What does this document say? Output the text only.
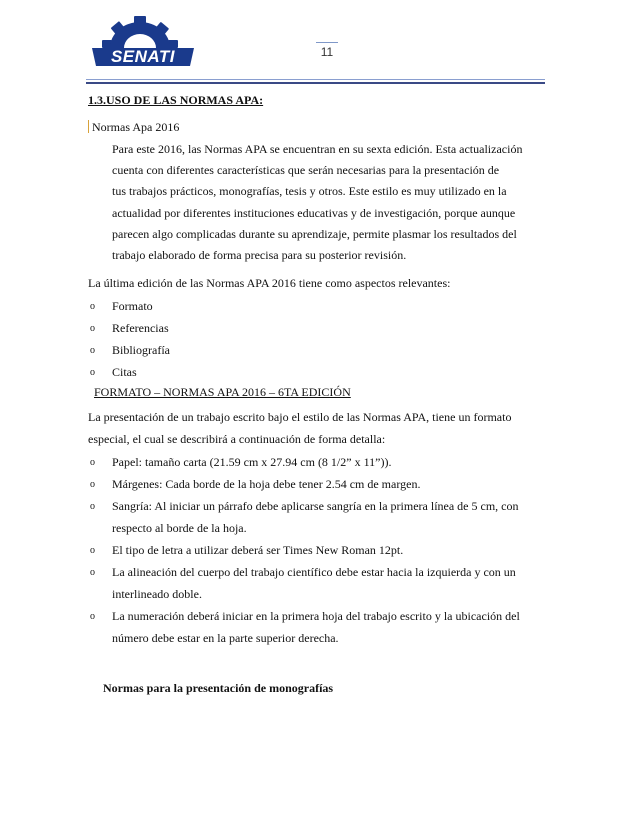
SENATI	11
1.3.USO DE LAS NORMAS APA:
Normas Apa 2016
Para este 2016, las Normas APA se encuentran en su sexta edición. Esta actualización
cuenta con diferentes características que serán necesarias para la presentación de
tus trabajos prácticos, monografías, tesis y otros. Este estilo es muy utilizado en la
actualidad por diferentes instituciones educativas y de investigación, porque aunque
parecen algo complicadas durante su aprendizaje, permite plasmar los resultados del
trabajo elaborado de forma precisa para su posterior revisión.
La última edición de las Normas APA 2016 tiene como aspectos relevantes:
o Formato
o Referencias
o Bibliografía
o Citas
FORMATO – NORMAS APA 2016 – 6TA EDICIÓN
La presentación de un trabajo escrito bajo el estilo de las Normas APA, tiene un formato
especial, el cual se describirá a continuación de forma detalla:
o Papel: tamaño carta (21.59 cm x 27.94 cm (8 1/2” x 11”)).
o Márgenes: Cada borde de la hoja debe tener 2.54 cm de margen.
o Sangría: Al iniciar un párrafo debe aplicarse sangría en la primera línea de 5 cm, con
respecto al borde de la hoja.
o El tipo de letra a utilizar deberá ser Times New Roman 12pt.
o La alineación del cuerpo del trabajo científico debe estar hacia la izquierda y con un
interlineado doble.
o La numeración deberá iniciar en la primera hoja del trabajo escrito y la ubicación del
número debe estar en la parte superior derecha.
Normas para la presentación de monografías
